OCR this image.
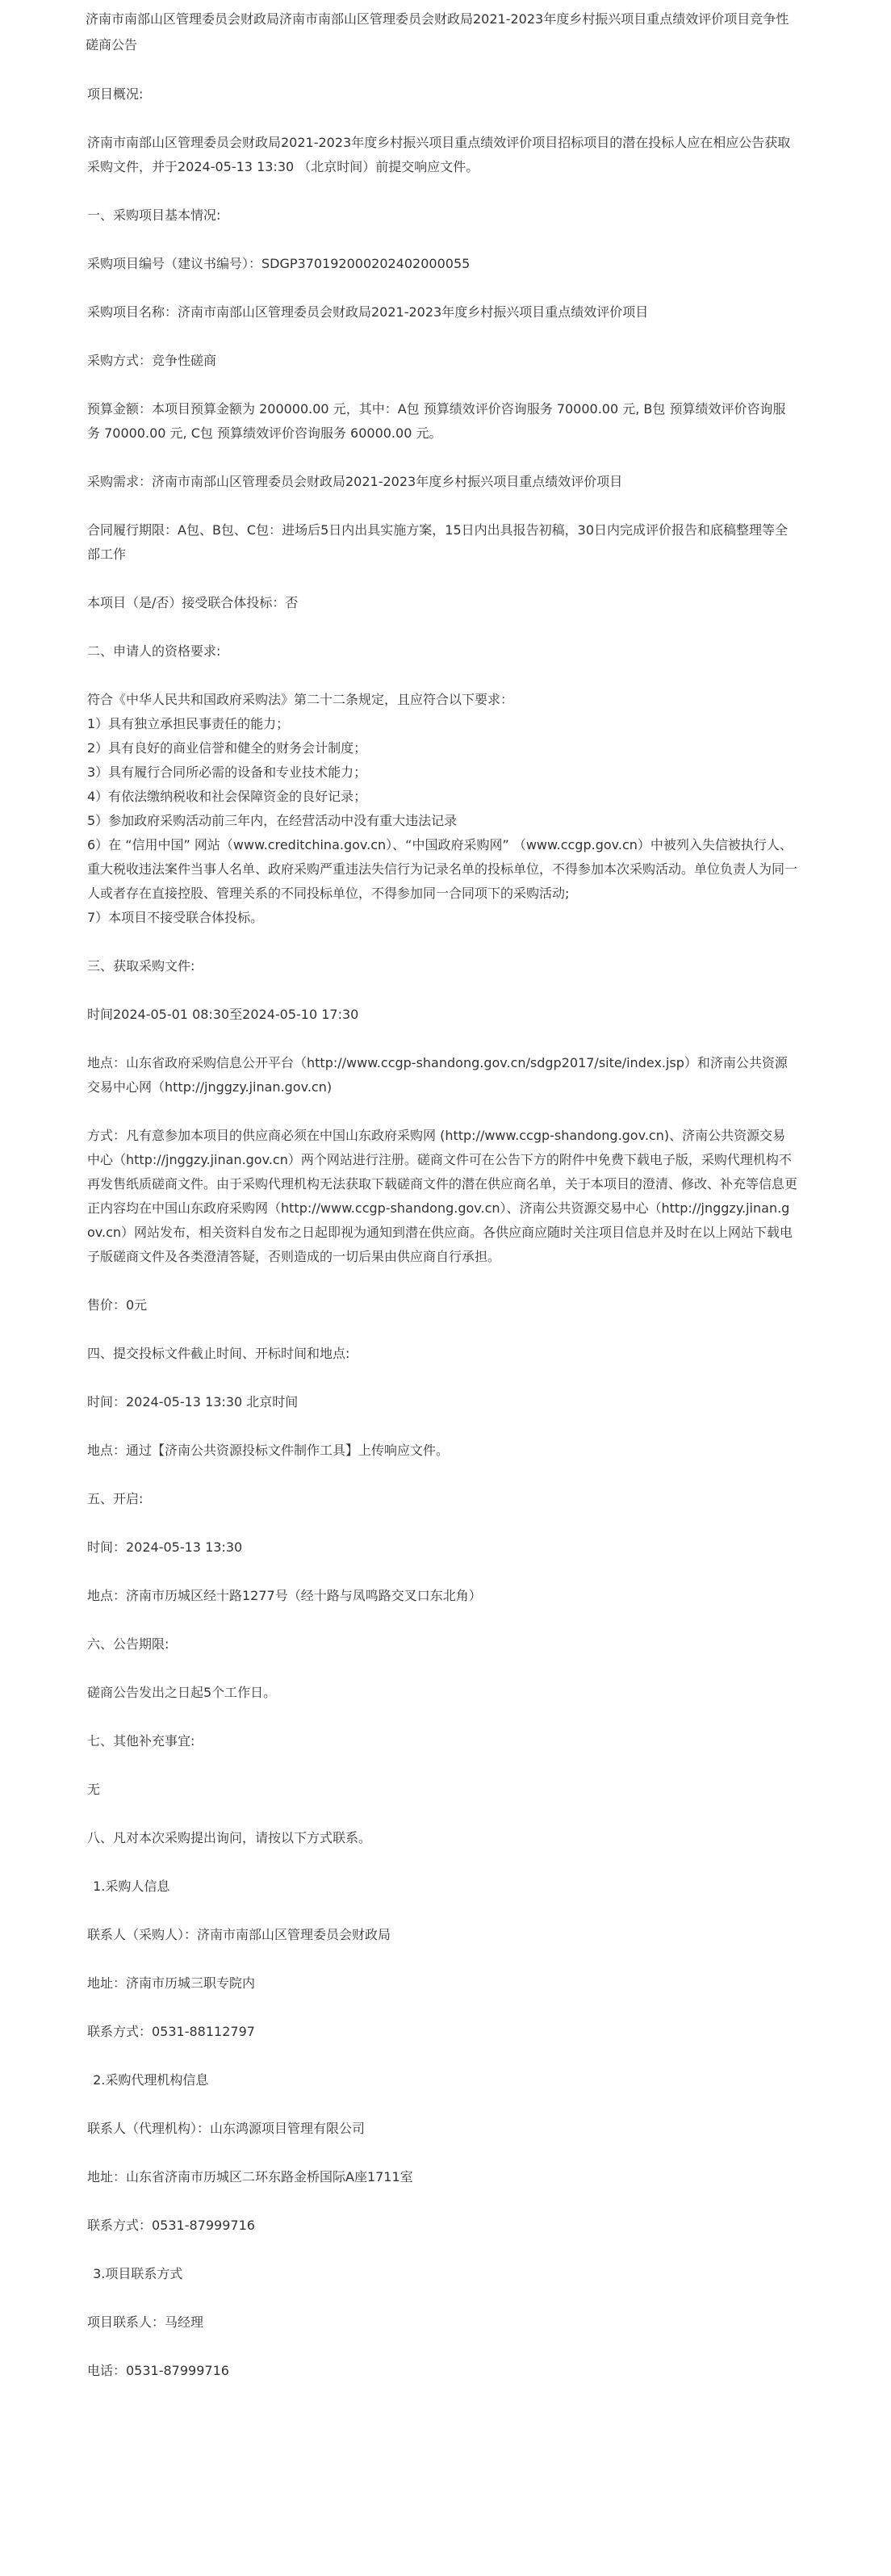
济南市南部山区管理委员会财政局济南市南部山区管理委员会财政局2021-2023年度乡村振兴项目重点绩效评价项目竞争性磋商公告
项目概况:
济南市南部山区管理委员会财政局2021-2023年度乡村振兴项目重点绩效评价项目招标项目的潜在投标人应在相应公告获取采购文件，并于2024-05-13 13:30 （北京时间）前提交响应文件。
一、采购项目基本情况:
采购项目编号（建议书编号）：SDGP370192000202402000055
采购项目名称：济南市南部山区管理委员会财政局2021-2023年度乡村振兴项目重点绩效评价项目
采购方式：竞争性磋商
预算金额：本项目预算金额为 200000.00 元，其中：A包 预算绩效评价咨询服务 70000.00 元, B包 预算绩效评价咨询服务 70000.00 元, C包 预算绩效评价咨询服务 60000.00 元。
采购需求：济南市南部山区管理委员会财政局2021-2023年度乡村振兴项目重点绩效评价项目
合同履行期限：A包、B包、C包：进场后5日内出具实施方案，15日内出具报告初稿，30日内完成评价报告和底稿整理等全部工作
本项目（是/否）接受联合体投标：否
二、申请人的资格要求:
符合《中华人民共和国政府采购法》第二十二条规定，且应符合以下要求：
1）具有独立承担民事责任的能力；
2）具有良好的商业信誉和健全的财务会计制度；
3）具有履行合同所必需的设备和专业技术能力；
4）有依法缴纳税收和社会保障资金的良好记录；
5）参加政府采购活动前三年内，在经营活动中没有重大违法记录
6）在 “信用中国” 网站（www.creditchina.gov.cn）、“中国政府采购网” （www.ccgp.gov.cn）中被列入失信被执行人、重大税收违法案件当事人名单、政府采购严重违法失信行为记录名单的投标单位，不得参加本次采购活动。单位负责人为同一人或者存在直接控股、管理关系的不同投标单位，不得参加同一合同项下的采购活动;
7）本项目不接受联合体投标。
三、获取采购文件:
时间2024-05-01 08:30至2024-05-10 17:30
地点：山东省政府采购信息公开平台（http://www.ccgp-shandong.gov.cn/sdgp2017/site/index.jsp）和济南公共资源交易中心网（http://jnggzy.jinan.gov.cn)
方式：凡有意参加本项目的供应商必须在中国山东政府采购网 (http://www.ccgp-shandong.gov.cn)、济南公共资源交易中心（http://jnggzy.jinan.gov.cn）两个网站进行注册。磋商文件可在公告下方的附件中免费下载电子版，采购代理机构不再发售纸质磋商文件。由于采购代理机构无法获取下载磋商文件的潜在供应商名单，关于本项目的澄清、修改、补充等信息更正内容均在中国山东政府采购网（http://www.ccgp-shandong.gov.cn）、济南公共资源交易中心（http://jnggzy.jinan.gov.cn）网站发布，相关资料自发布之日起即视为通知到潜在供应商。各供应商应随时关注项目信息并及时在以上网站下载电子版磋商文件及各类澄清答疑，否则造成的一切后果由供应商自行承担。
售价：0元
四、提交投标文件截止时间、开标时间和地点:
时间：2024-05-13 13:30 北京时间
地点：通过【济南公共资源投标文件制作工具】上传响应文件。
五、开启:
时间：2024-05-13 13:30
地点：济南市历城区经十路1277号（经十路与凤鸣路交叉口东北角）
六、公告期限:
磋商公告发出之日起5个工作日。
七、其他补充事宜:
无
八、凡对本次采购提出询问，请按以下方式联系。
1.采购人信息
联系人（采购人）：济南市南部山区管理委员会财政局
地址：济南市历城三职专院内
联系方式：0531-88112797
2.采购代理机构信息
联系人（代理机构）：山东鸿源项目管理有限公司
地址：山东省济南市历城区二环东路金桥国际A座1711室
联系方式：0531-87999716
3.项目联系方式
项目联系人：马经理
电话：0531-87999716
